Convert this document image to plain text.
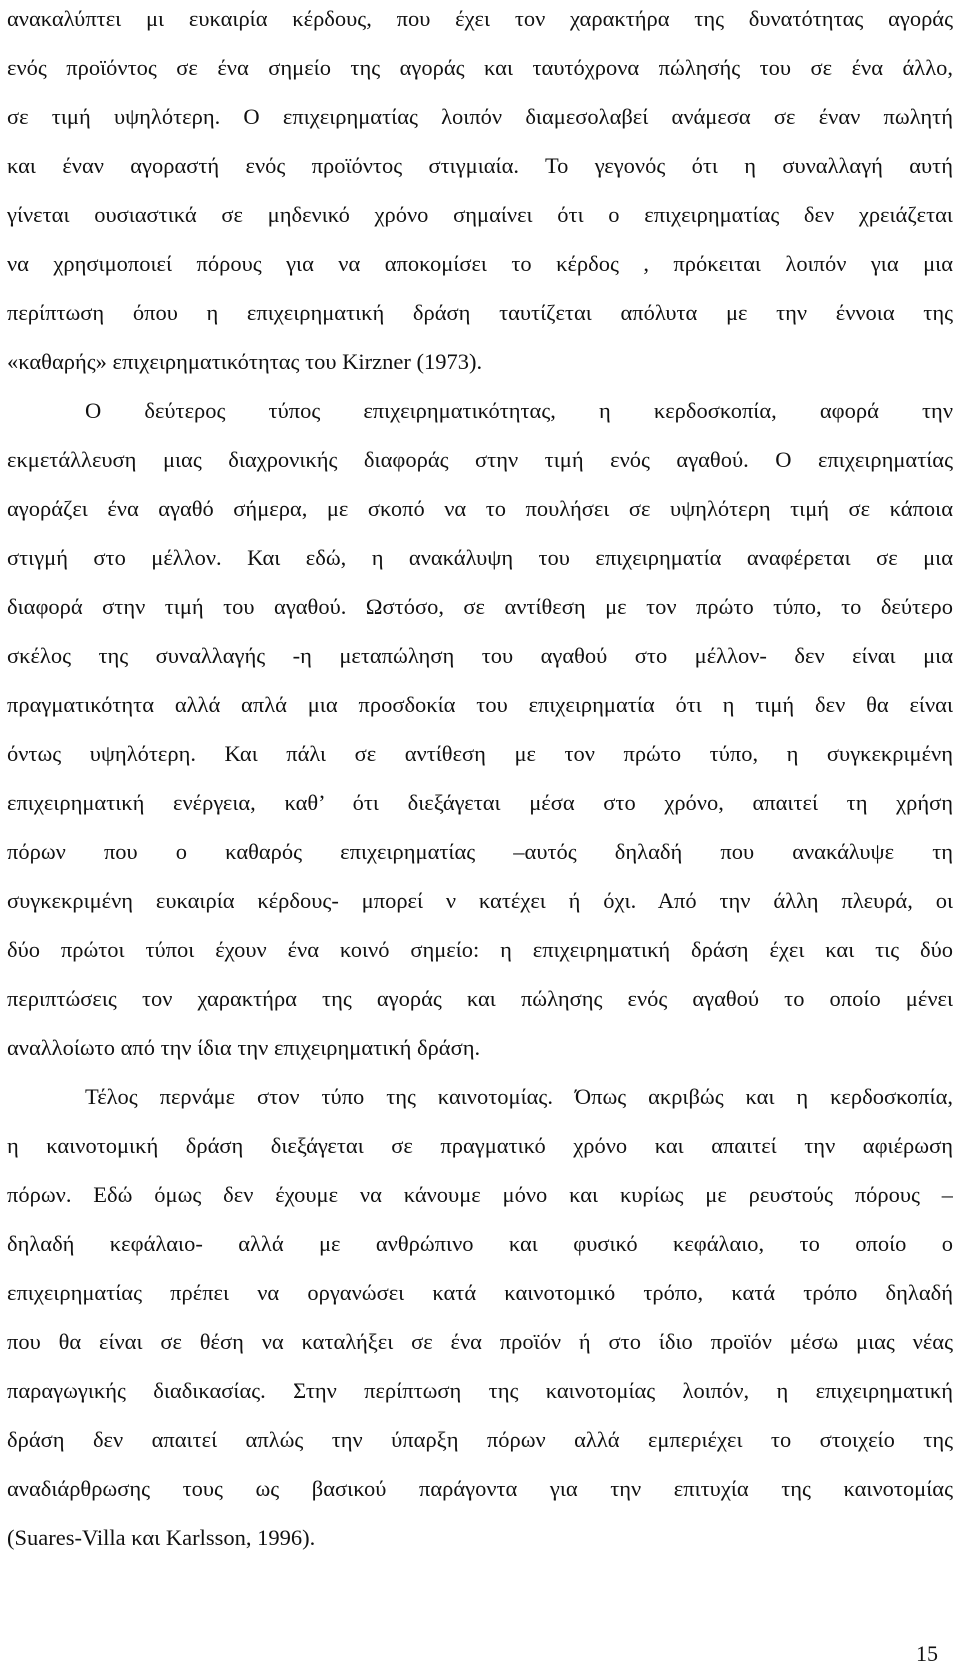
ανακαλύπτει μι ευκαιρία κέρδους, που έχει τον χαρακτήρα της δυνατότητας αγοράς
ενός προϊόντος σε ένα σημείο της αγοράς και ταυτόχρονα πώλησής του σε ένα άλλο,
σε τιμή υψηλότερη. Ο επιχειρηματίας λοιπόν διαμεσολαβεί ανάμεσα σε έναν πωλητή
και έναν αγοραστή ενός προϊόντος στιγμιαία. Το γεγονός ότι η συναλλαγή αυτή
γίνεται ουσιαστικά σε μηδενικό χρόνο σημαίνει ότι ο επιχειρηματίας δεν χρειάζεται
να χρησιμοποιεί πόρους για να αποκομίσει το κέρδος , πρόκειται λοιπόν για μια
περίπτωση όπου η επιχειρηματική δράση ταυτίζεται απόλυτα με την έννοια της
«καθαρής» επιχειρηματικότητας του Kirzner (1973).
Ο δεύτερος τύπος επιχειρηματικότητας, η κερδοσκοπία, αφορά την
εκμετάλλευση μιας διαχρονικής διαφοράς στην τιμή ενός αγαθού. Ο επιχειρηματίας
αγοράζει ένα αγαθό σήμερα, με σκοπό να το πουλήσει σε υψηλότερη τιμή σε κάποια
στιγμή στο μέλλον. Και εδώ, η ανακάλυψη του επιχειρηματία αναφέρεται σε μια
διαφορά στην τιμή του αγαθού. Ωστόσο, σε αντίθεση με τον πρώτο τύπο, το δεύτερο
σκέλος της συναλλαγής -η μεταπώληση του αγαθού στο μέλλον- δεν είναι μια
πραγματικότητα αλλά απλά μια προσδοκία του επιχειρηματία ότι η τιμή δεν θα είναι
όντως υψηλότερη. Και πάλι σε αντίθεση με τον πρώτο τύπο, η συγκεκριμένη
επιχειρηματική ενέργεια, καθ’ ότι διεξάγεται μέσα στο χρόνο, απαιτεί τη χρήση
πόρων που ο καθαρός επιχειρηματίας –αυτός δηλαδή που ανακάλυψε τη
συγκεκριμένη ευκαιρία κέρδους- μπορεί ν κατέχει ή όχι. Από την άλλη πλευρά, οι
δύο πρώτοι τύποι έχουν ένα κοινό σημείο: η επιχειρηματική δράση έχει και τις δύο
περιπτώσεις τον χαρακτήρα της αγοράς και πώλησης ενός αγαθού το οποίο μένει
αναλλοίωτο από την ίδια την επιχειρηματική δράση.
Τέλος περνάμε στον τύπο της καινοτομίας. Όπως ακριβώς και η κερδοσκοπία,
η καινοτομική δράση διεξάγεται σε πραγματικό χρόνο και απαιτεί την αφιέρωση
πόρων. Εδώ όμως δεν έχουμε να κάνουμε μόνο και κυρίως με ρευστούς πόρους –
δηλαδή κεφάλαιο- αλλά με ανθρώπινο και φυσικό κεφάλαιο, το οποίο ο
επιχειρηματίας πρέπει να οργανώσει κατά καινοτομικό τρόπο, κατά τρόπο δηλαδή
που θα είναι σε θέση να καταλήξει σε ένα προϊόν ή στο ίδιο προϊόν μέσω μιας νέας
παραγωγικής διαδικασίας. Στην περίπτωση της καινοτομίας λοιπόν, η επιχειρηματική
δράση δεν απαιτεί απλώς την ύπαρξη πόρων αλλά εμπεριέχει το στοιχείο της
αναδιάρθρωσης τους ως βασικού παράγοντα για την επιτυχία της καινοτομίας
(Suares-Villa και Karlsson, 1996).
15
